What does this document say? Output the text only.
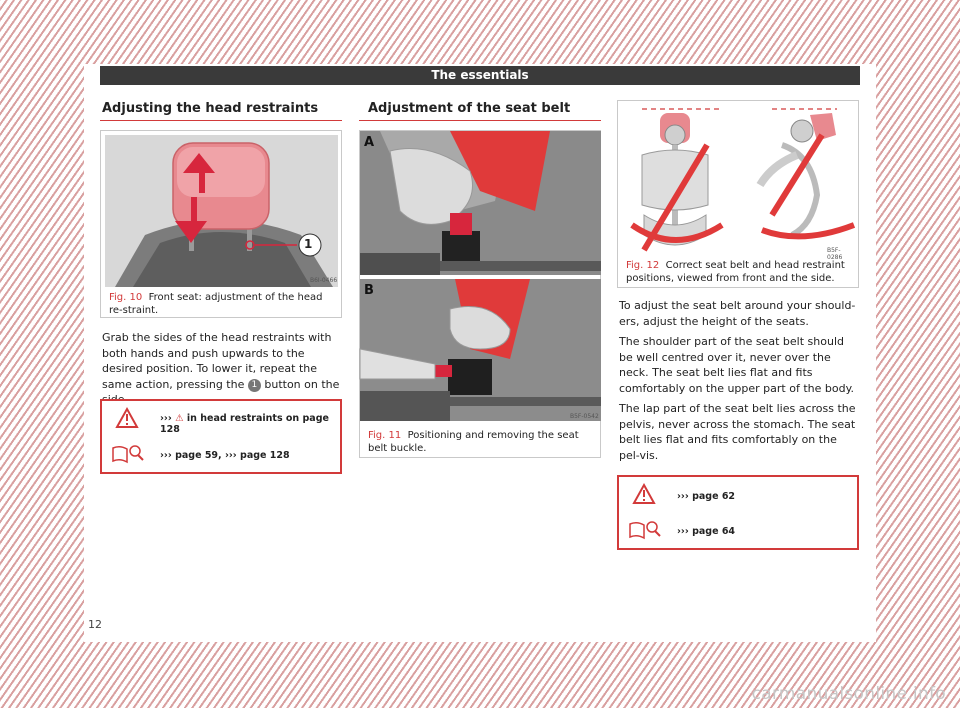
The essentials
Adjusting the head restraints
1
B6I-0466
Fig. 10 Front seat: adjustment of the head re-straint.
Grab the sides of the head restraints with both hands and push upwards to the desired position. To lower it, repeat the same action, pressing the 1 button on the
››› ⚠ in head restraints on page 128
››› page 59, ››› page 128
Adjustment of the seat belt
A
B
B5F-0542
Fig. 11 Positioning and removing the seat belt buckle.
B5F-0286
Fig. 12 Correct seat belt and head restraint positions, viewed from front and the side.

To adjust the seat belt around your should-ers, adjust the height of the seats.

The shoulder part of the seat belt should be well centred over it, never over the neck. The seat belt lies flat and fits comfortably on the upper part of the body.

The lap part of the seat belt lies across the pelvis, never across the stomach. The seat belt lies flat and fits comfortably on the pel-vis.

››› page 62
››› page 64
12
carmanualsonline.info
